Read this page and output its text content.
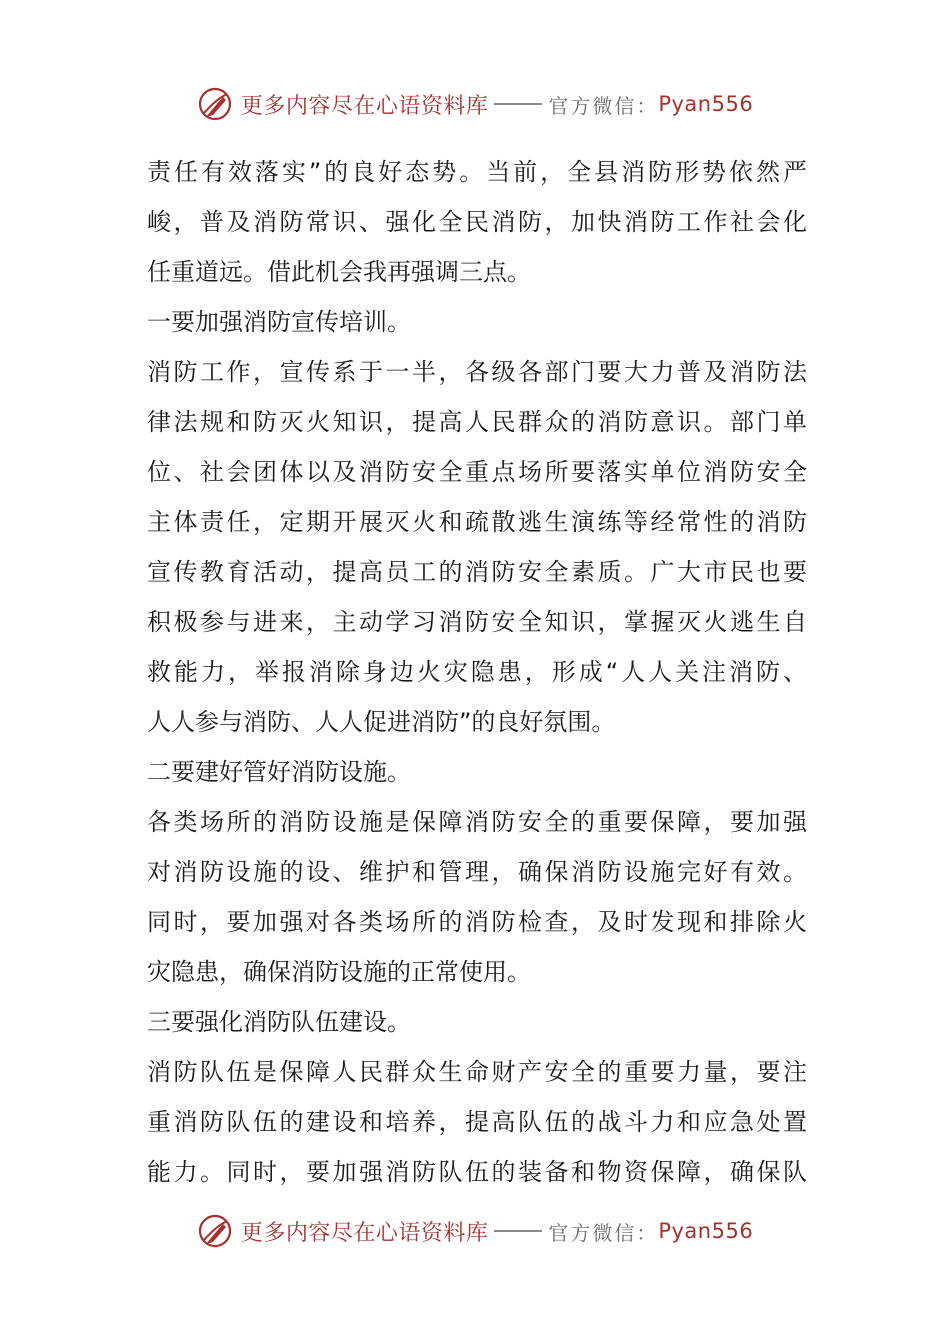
更多内容尽在心语资料库	官方微信： Pyan556
责任有效落实”的良好态势。当前，全县消防形势依然严
峻，普及消防常识、强化全民消防，加快消防工作社会化
任重道远。借此机会我再强调三点。
一要加强消防宣传培训。
消防工作，宣传系于一半，各级各部门要大力普及消防法
律法规和防灭火知识，提高人民群众的消防意识。部门单
位、社会团体以及消防安全重点场所要落实单位消防安全
主体责任，定期开展灭火和疏散逃生演练等经常性的消防
宣传教育活动，提高员工的消防安全素质。广大市民也要
积极参与进来，主动学习消防安全知识，掌握灭火逃生自
救能力，举报消除身边火灾隐患，形成“人人关注消防、
人人参与消防、人人促进消防”的良好氛围。
二要建好管好消防设施。
各类场所的消防设施是保障消防安全的重要保障，要加强
对消防设施的设、维护和管理，确保消防设施完好有效。
同时，要加强对各类场所的消防检查，及时发现和排除火
灾隐患，确保消防设施的正常使用。
三要强化消防队伍建设。
消防队伍是保障人民群众生命财产安全的重要力量，要注
重消防队伍的建设和培养，提高队伍的战斗力和应急处置
能力。同时，要加强消防队伍的装备和物资保障，确保队
更多内容尽在心语资料库	官方微信： Pyan556
